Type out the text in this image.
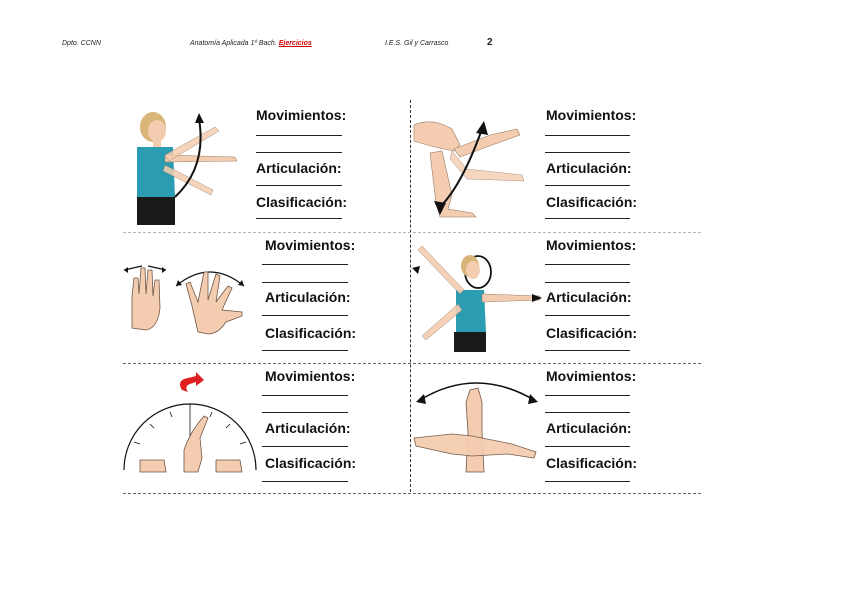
Dpto. CCNN	Anatomía Aplicada 1º Bach. Ejercicios	I.E.S. Gil y Carrasco	2
Movimientos:
Articulación:
Clasificación:
Movimientos:
Articulación:
Clasificación:
Movimientos:
Articulación:
Clasificación:
Movimientos:
Articulación:
Clasificación:
Movimientos:
Articulación:
Clasificación:
Movimientos:
Articulación:
Clasificación:
